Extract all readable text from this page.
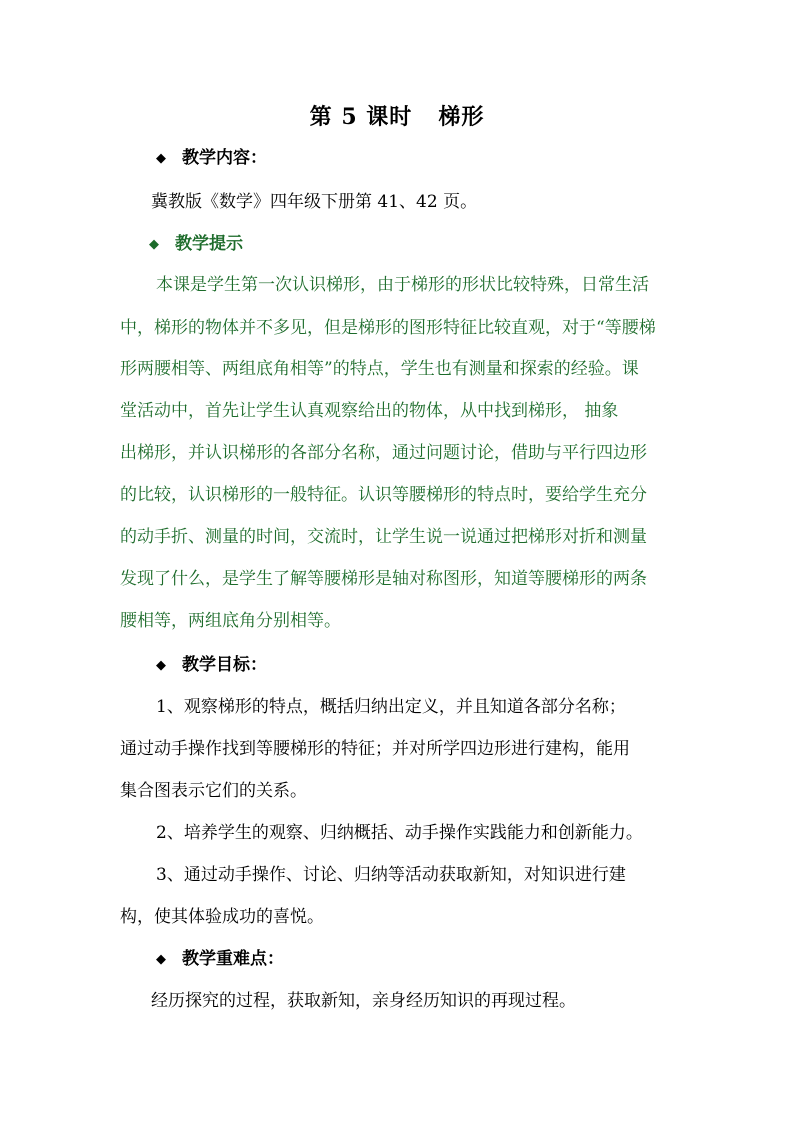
第 5 课时 梯形
◆ 教学内容：
冀教版《数学》四年级下册第 41、42 页。
◆ 教学提示
本课是学生第一次认识梯形，由于梯形的形状比较特殊，日常生活
中，梯形的物体并不多见，但是梯形的图形特征比较直观，对于“等腰梯
形两腰相等、两组底角相等”的特点，学生也有测量和探索的经验。课
堂活动中，首先让学生认真观察给出的物体，从中找到梯形， 抽象
出梯形，并认识梯形的各部分名称，通过问题讨论，借助与平行四边形
的比较，认识梯形的一般特征。认识等腰梯形的特点时，要给学生充分
的动手折、测量的时间，交流时，让学生说一说通过把梯形对折和测量
发现了什么，是学生了解等腰梯形是轴对称图形，知道等腰梯形的两条
腰相等，两组底角分别相等。
◆ 教学目标：
1、观察梯形的特点，概括归纳出定义，并且知道各部分名称；
通过动手操作找到等腰梯形的特征；并对所学四边形进行建构，能用
集合图表示它们的关系。
2、培养学生的观察、归纳概括、动手操作实践能力和创新能力。
3、通过动手操作、讨论、归纳等活动获取新知，对知识进行建
构，使其体验成功的喜悦。
◆ 教学重难点：
经历探究的过程，获取新知，亲身经历知识的再现过程。
